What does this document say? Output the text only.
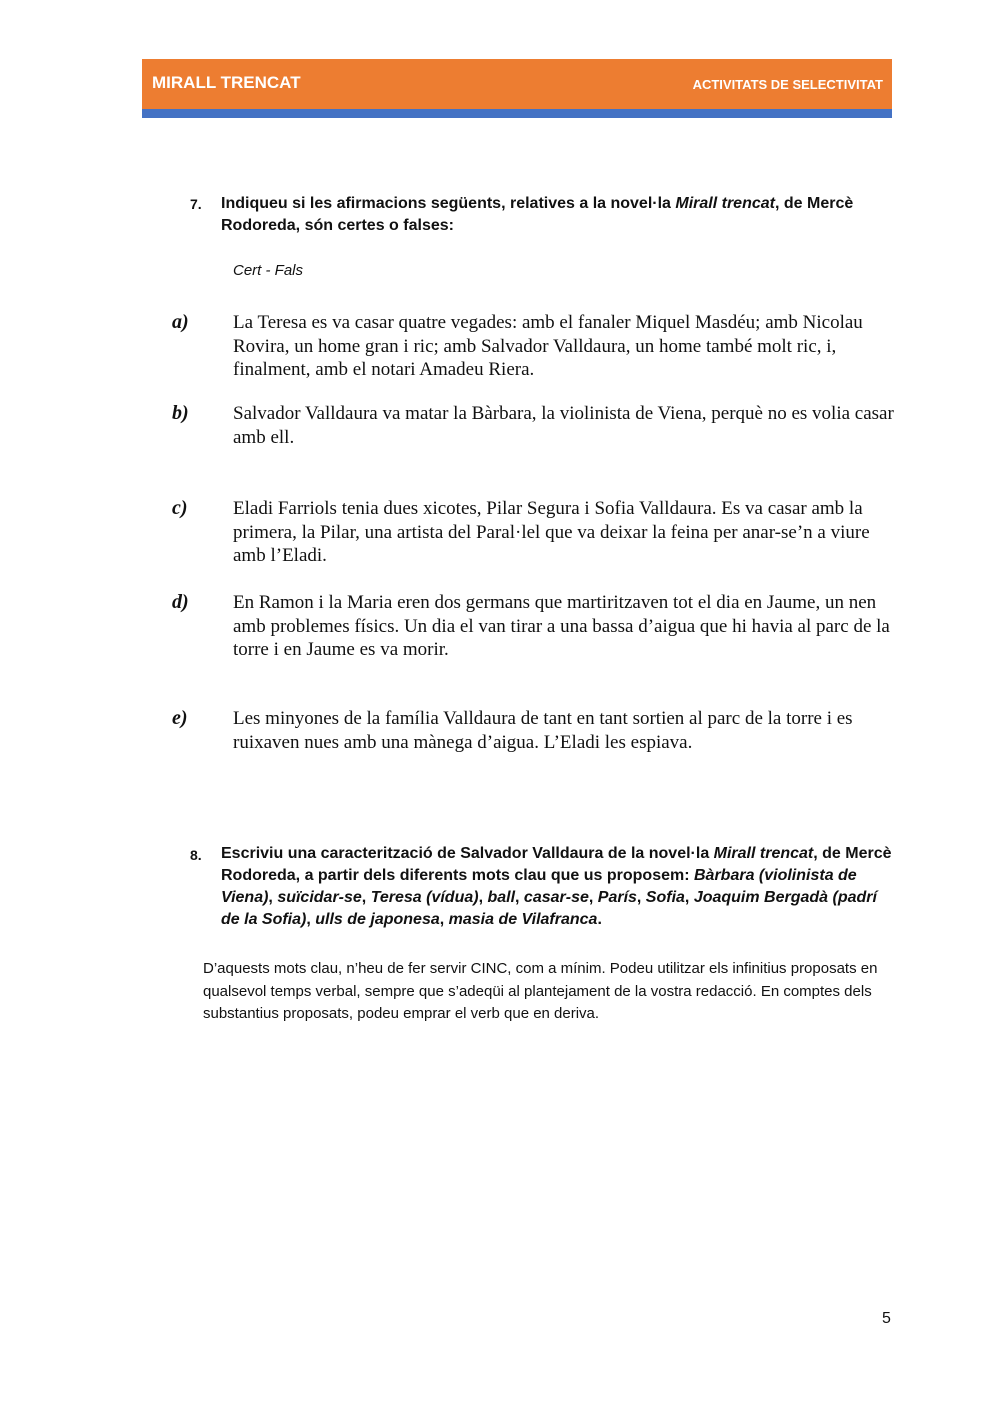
MIRALL TRENCAT	ACTIVITATS DE SELECTIVITAT
7. Indiqueu si les afirmacions següents, relatives a la novel·la Mirall trencat, de Mercè Rodoreda, són certes o falses:
Cert - Fals
a) La Teresa es va casar quatre vegades: amb el fanaler Miquel Masdéu; amb Nicolau Rovira, un home gran i ric; amb Salvador Valldaura, un home també molt ric, i, finalment, amb el notari Amadeu Riera.
b) Salvador Valldaura va matar la Bàrbara, la violinista de Viena, perquè no es volia casar amb ell.
c) Eladi Farriols tenia dues xicotes, Pilar Segura i Sofia Valldaura. Es va casar amb la primera, la Pilar, una artista del Paral·lel que va deixar la feina per anar-se’n a viure amb l’Eladi.
d) En Ramon i la Maria eren dos germans que martiritzaven tot el dia en Jaume, un nen amb problemes físics. Un dia el van tirar a una bassa d’aigua que hi havia al parc de la torre i en Jaume es va morir.
e) Les minyones de la família Valldaura de tant en tant sortien al parc de la torre i es ruixaven nues amb una mànega d’aigua. L’Eladi les espiava.
8. Escriviu una caracterització de Salvador Valldaura de la novel·la Mirall trencat, de Mercè Rodoreda, a partir dels diferents mots clau que us proposem: Bàrbara (violinista de Viena), suïcidar-se, Teresa (vídua), ball, casar-se, París, Sofia, Joaquim Bergadà (padrí de la Sofia), ulls de japonesa, masia de Vilafranca.
D’aquests mots clau, n’heu de fer servir CINC, com a mínim. Podeu utilitzar els infinitius proposats en qualsevol temps verbal, sempre que s’adeqüi al plantejament de la vostra redacció. En comptes dels substantius proposats, podeu emprar el verb que en deriva.
5
